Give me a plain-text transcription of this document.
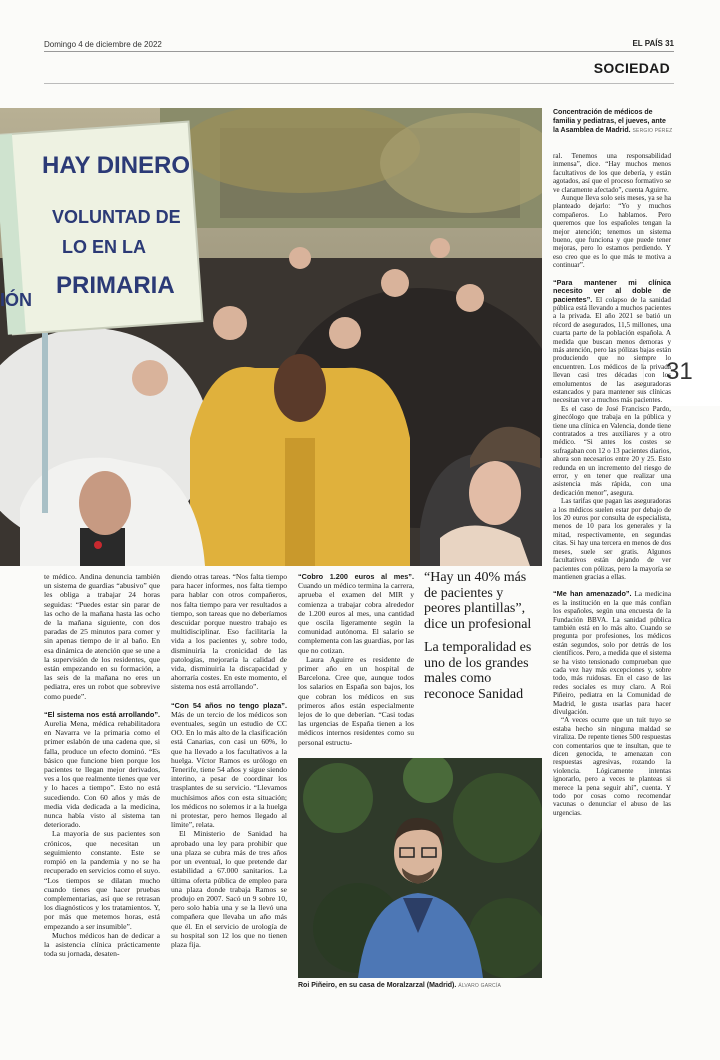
Domingo 4 de diciembre de 2022	EL PAÍS 31
SOCIEDAD
HAY DINERO
VOLUNTAD DE
LO EN LA
PRIMARIA
IÓN
Concentración de médicos de familia y pediatras, el jueves, ante la Asamblea de Madrid. SERGIO PÉREZ
31

te médico. Andina denuncia también un sistema de guardias “abusivo” que les obliga a trabajar 24 horas seguidas: “Puedes estar sin parar de las ocho de la mañana hasta las ocho de la mañana siguiente, con dos paradas de 25 minutos para comer y sin apenas tiempo de ir al baño. En esa dinámica de atención que se une a la supervisión de los residentes, que están empezando en su formación, a las seis de la mañana no eres un pediatra, eres un robot que sobrevive como puede”.

“El sistema nos está arrollando”. Aurelia Mena, médica rehabilitadora en Navarra ve la primaria como el primer eslabón de una cadena que, si falla, produce un efecto dominó. “Es básico que funcione bien porque los pacientes te llegan mejor derivados, ves a los que realmente tienes que ver y lo haces a tiempo”. Esto no está sucediendo. Con 60 años y más de media vida dedicada a la medicina, nunca había visto al sistema tan deteriorado.

La mayoría de sus pacientes son crónicos, que necesitan un seguimiento constante. Este se rompió en la pandemia y no se ha recuperado en servicios como el suyo. “Los tiempos se dilatan mucho cuando tienes que hacer pruebas complementarias, así que se retrasan los diagnósticos y los tratamientos. Y, por más que metemos horas, está empezando a ser insumible”.

Muchos médicos han de dedicar a la asistencia clínica prácticamente toda su jornada, desaten-

diendo otras tareas. “Nos falta tiempo para hacer informes, nos falta tiempo para hablar con otros compañeros, nos falta tiempo para ver resultados a tiempo, son tareas que no deberíamos descuidar porque nuestro trabajo es multidisciplinar. Eso facilitaría la vida a los pacientes y, sobre todo, disminuiría la cronicidad de las patologías, mejoraría la calidad de vida, disminuiría la discapacidad y ahorraría costes. En este momento, el sistema nos está arrollando”.

“Con 54 años no tengo plaza”. Más de un tercio de los médicos son eventuales, según un estudio de CC OO. En lo más alto de la clasificación está Canarias, con casi un 60%, lo que ha llevado a los facultativos a la huelga. Víctor Ramos es urólogo en Tenerife, tiene 54 años y sigue siendo interino, a pesar de coordinar los trasplantes de su servicio. “Llevamos muchísimos años con esta situación; los médicos no solemos ir a la huelga ni protestar, pero hemos llegado al límite”, relata.

El Ministerio de Sanidad ha aprobado una ley para prohibir que una plaza se cubra más de tres años por un eventual, lo que pretende dar estabilidad a 67.000 sanitarios. La última oferta pública de empleo para una plaza donde trabaja Ramos se produjo en 2007. Sacó un 9 sobre 10, pero solo había una y se la llevó una compañera que llevaba un año más que él. En el servicio de urología de su hospital son 12 los que no tienen plaza fija.

“Cobro 1.200 euros al mes”. Cuando un médico termina la carrera, aprueba el examen del MIR y comienza a trabajar cobra alrededor de 1.200 euros al mes, una cantidad que oscila ligeramente según la comunidad autónoma. El salario se complementa con las guardias, por las que no cotizan.

Laura Aguirre es residente de primer año en un hospital de Barcelona. Cree que, aunque todos los salarios en España son bajos, los que cobran los médicos en sus primeros años están especialmente lejos de lo que deberían. “Casi todas las urgencias de España tienen a los médicos internos residentes como su personal estructu-

“Hay un 40% más de pacientes y peores plantillas”, dice un profesional
La temporalidad es uno de los grandes males como reconoce Sanidad
Roi Piñeiro, en su casa de Moralzarzal (Madrid). ÁLVARO GARCÍA

ral. Tenemos una responsabilidad inmensa”, dice. “Hay muchos menos facultativos de los que debería, y están agotados, así que el proceso formativo se ve claramente afectado”, cuenta Aguirre.

Aunque lleva solo seis meses, ya se ha planteado dejarlo: “Yo y muchos compañeros. Lo hablamos. Pero queremos que los españoles tengan la mejor atención; tenemos un sistema bueno, que funciona y que puede tener mejoras, pero lo estamos perdiendo. Y eso creo que es lo que más te motiva a continuar”.

“Para mantener mi clínica necesito ver al doble de pacientes”. El colapso de la sanidad pública está llevando a muchos pacientes a la privada. El año 2021 se batió un récord de asegurados, 11,5 millones, una cuarta parte de la población española. A medida que buscan menos demoras y más atención, pero las pólizas bajas están produciendo que no siempre lo encuentren. Los médicos de la privada llevan casi tres décadas con los emolumentos de las aseguradoras estancados y para mantener sus clínicas necesitan ver a muchos más pacientes.

Es el caso de José Francisco Pardo, ginecólogo que trabaja en la pública y tiene una clínica en Valencia, donde tiene contratados a tres auxiliares y a otro médico. “Si antes los costes se sufragaban con 12 o 13 pacientes diarios, ahora son necesarios entre 20 y 25. Esto redunda en un incremento del riesgo de error, y en tener que realizar una asistencia más rápida, con una dedicación menor”, asegura.

Las tarifas que pagan las aseguradoras a los médicos suelen estar por debajo de los 20 euros por consulta de especialista, menos de 10 para los generales y la mitad, respectivamente, en segundas citas. Si hay una tercera en menos de dos meses, suele ser gratis. Algunos facultativos están dejando de ver pacientes con pólizas, pero la mayoría se mantienen gracias a ellas.

“Me han amenazado”. La medicina es la institución en la que más confían los españoles, según una encuesta de la Fundación BBVA. La sanidad pública también está en lo más alto. Cuando se pregunta por profesiones, los médicos están segundos, solo por detrás de los científicos. Pero, a medida que el sistema se ha visto tensionado comprueban que cada vez hay más excepciones y, sobre todo, más ruidosas. En el caso de las redes sociales es muy claro. A Roi Piñeiro, pediatra en la Comunidad de Madrid, le gusta usarlas para hacer divulgación.

“A veces ocurre que un tuit tuyo se estaba hecho sin ninguna maldad se viraliza. De repente tienes 500 respuestas con comentarios que te insultan, que te dicen genocida, te amenazan con respuestas agresivas, rozando la violencia. Lógicamente intentas ignorarlo, pero a veces te planteas si merece la pena seguir ahí”, cuenta. Y todo por cosas como recomendar vacunas o denunciar el abuso de las urgencias.
